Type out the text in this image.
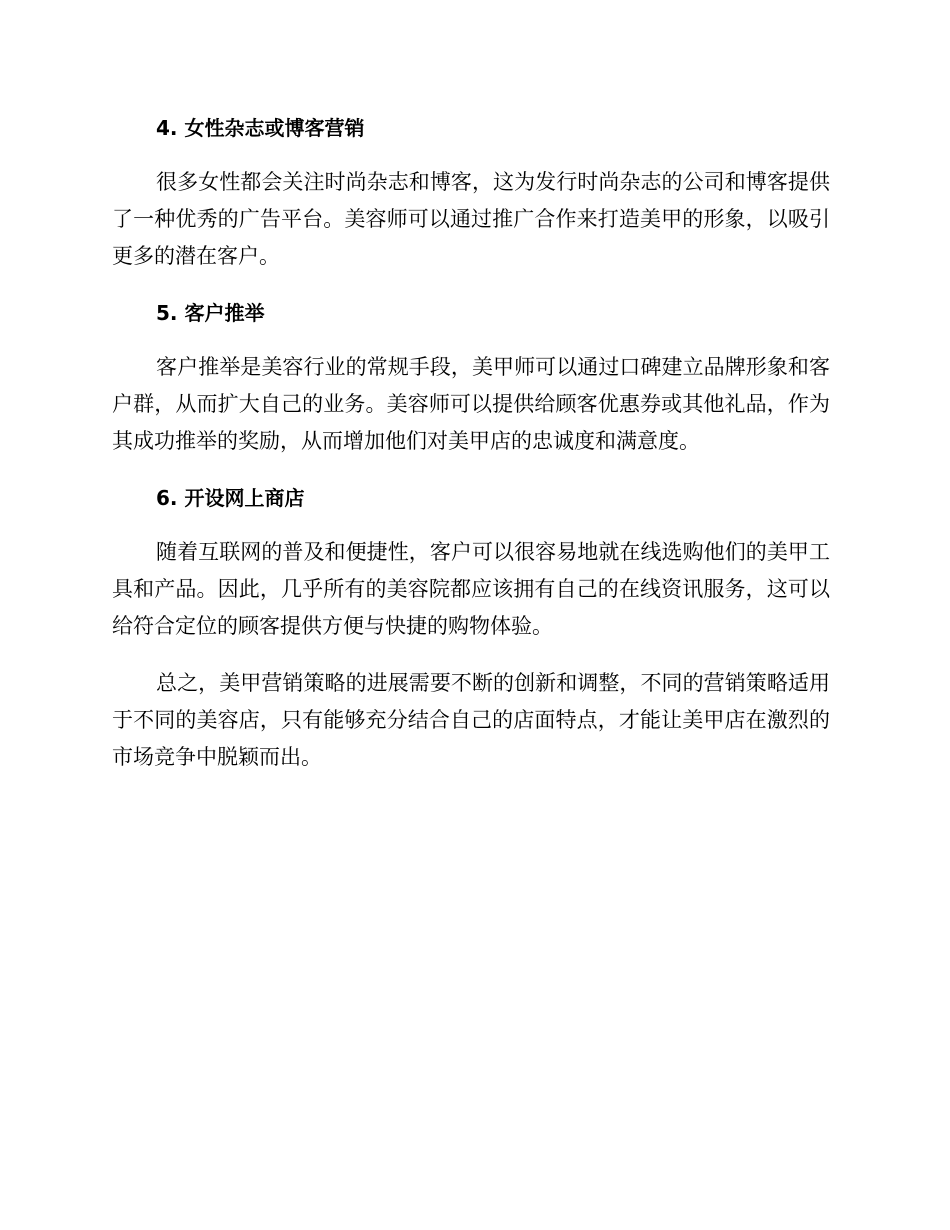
4. 女性杂志或博客营销

很多女性都会关注时尚杂志和博客，这为发行时尚杂志的公司和博客提供了一种优秀的广告平台。美容师可以通过推广合作来打造美甲的形象，以吸引更多的潜在客户。

5. 客户推举

客户推举是美容行业的常规手段，美甲师可以通过口碑建立品牌形象和客户群，从而扩大自己的业务。美容师可以提供给顾客优惠券或其他礼品，作为其成功推举的奖励，从而增加他们对美甲店的忠诚度和满意度。

6. 开设网上商店

随着互联网的普及和便捷性，客户可以很容易地就在线选购他们的美甲工具和产品。因此，几乎所有的美容院都应该拥有自己的在线资讯服务，这可以给符合定位的顾客提供方便与快捷的购物体验。

总之，美甲营销策略的进展需要不断的创新和调整，不同的营销策略适用于不同的美容店，只有能够充分结合自己的店面特点，才能让美甲店在激烈的市场竞争中脱颖而出。
